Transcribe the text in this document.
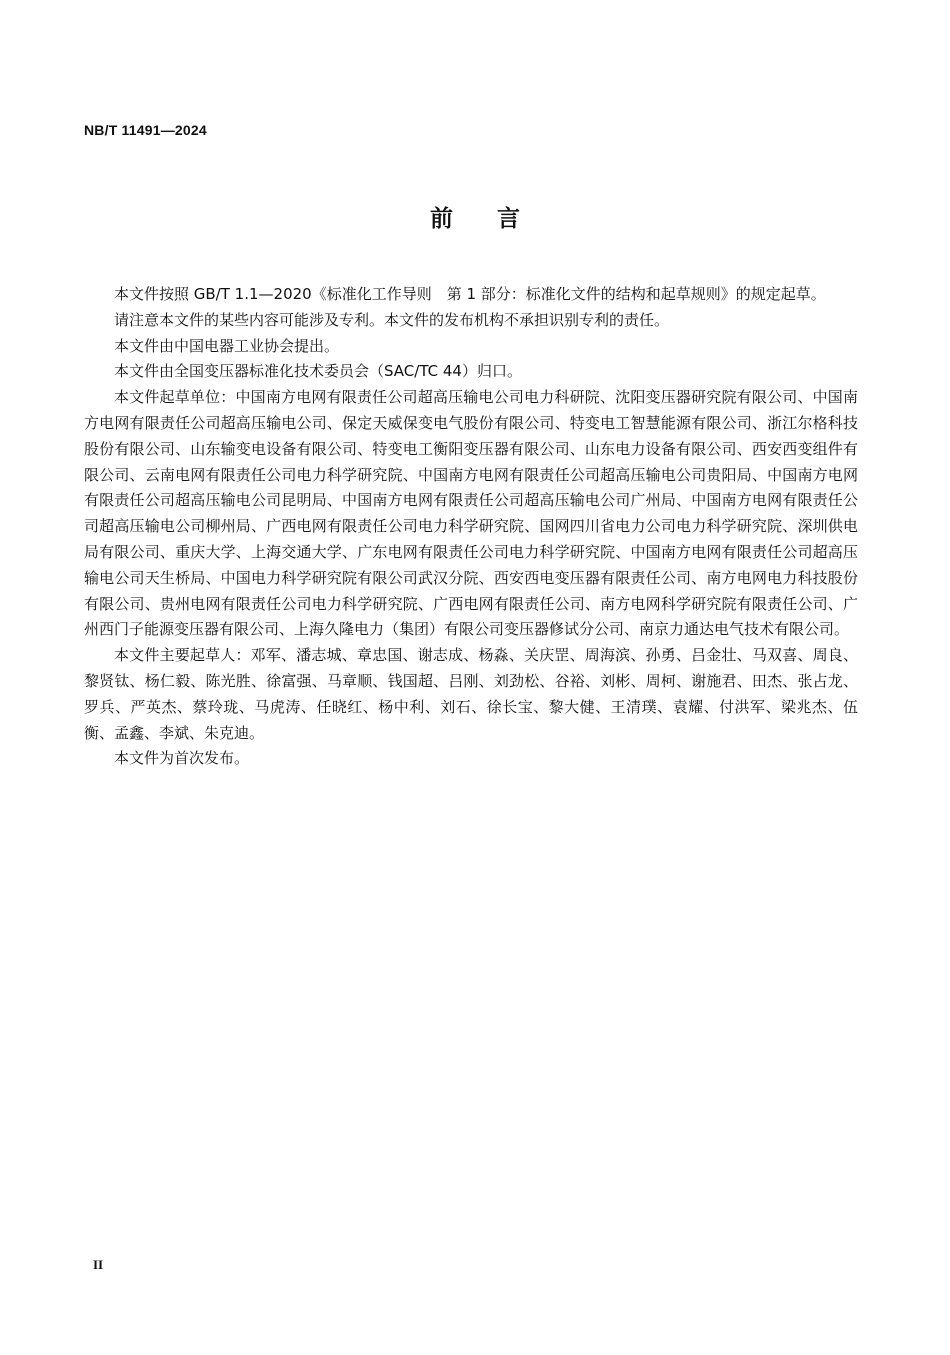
NB/T 11491—2024
前言

本文件按照 GB/T 1.1—2020《标准化工作导则　第 1 部分：标准化文件的结构和起草规则》的规定起草。

请注意本文件的某些内容可能涉及专利。本文件的发布机构不承担识别专利的责任。

本文件由中国电器工业协会提出。

本文件由全国变压器标准化技术委员会（SAC/TC 44）归口。

本文件起草单位：中国南方电网有限责任公司超高压输电公司电力科研院、沈阳变压器研究院有限公司、中国南方电网有限责任公司超高压输电公司、保定天威保变电气股份有限公司、特变电工智慧能源有限公司、浙江尔格科技股份有限公司、山东输变电设备有限公司、特变电工衡阳变压器有限公司、山东电力设备有限公司、西安西变组件有限公司、云南电网有限责任公司电力科学研究院、中国南方电网有限责任公司超高压输电公司贵阳局、中国南方电网有限责任公司超高压输电公司昆明局、中国南方电网有限责任公司超高压输电公司广州局、中国南方电网有限责任公司超高压输电公司柳州局、广西电网有限责任公司电力科学研究院、国网四川省电力公司电力科学研究院、深圳供电局有限公司、重庆大学、上海交通大学、广东电网有限责任公司电力科学研究院、中国南方电网有限责任公司超高压输电公司天生桥局、中国电力科学研究院有限公司武汉分院、西安西电变压器有限责任公司、南方电网电力科技股份有限公司、贵州电网有限责任公司电力科学研究院、广西电网有限责任公司、南方电网科学研究院有限责任公司、广州西门子能源变压器有限公司、上海久隆电力（集团）有限公司变压器修试分公司、南京力通达电气技术有限公司。

本文件主要起草人：邓军、潘志城、章忠国、谢志成、杨淼、关庆罡、周海滨、孙勇、吕金壮、马双喜、周良、黎贤钛、杨仁毅、陈光胜、徐富强、马章顺、钱国超、吕刚、刘劲松、谷裕、刘彬、周柯、谢施君、田杰、张占龙、罗兵、严英杰、蔡玲珑、马虎涛、任晓红、杨中利、刘石、徐长宝、黎大健、王清璞、袁耀、付洪军、梁兆杰、伍衡、孟鑫、李斌、朱克迪。

本文件为首次发布。

II
